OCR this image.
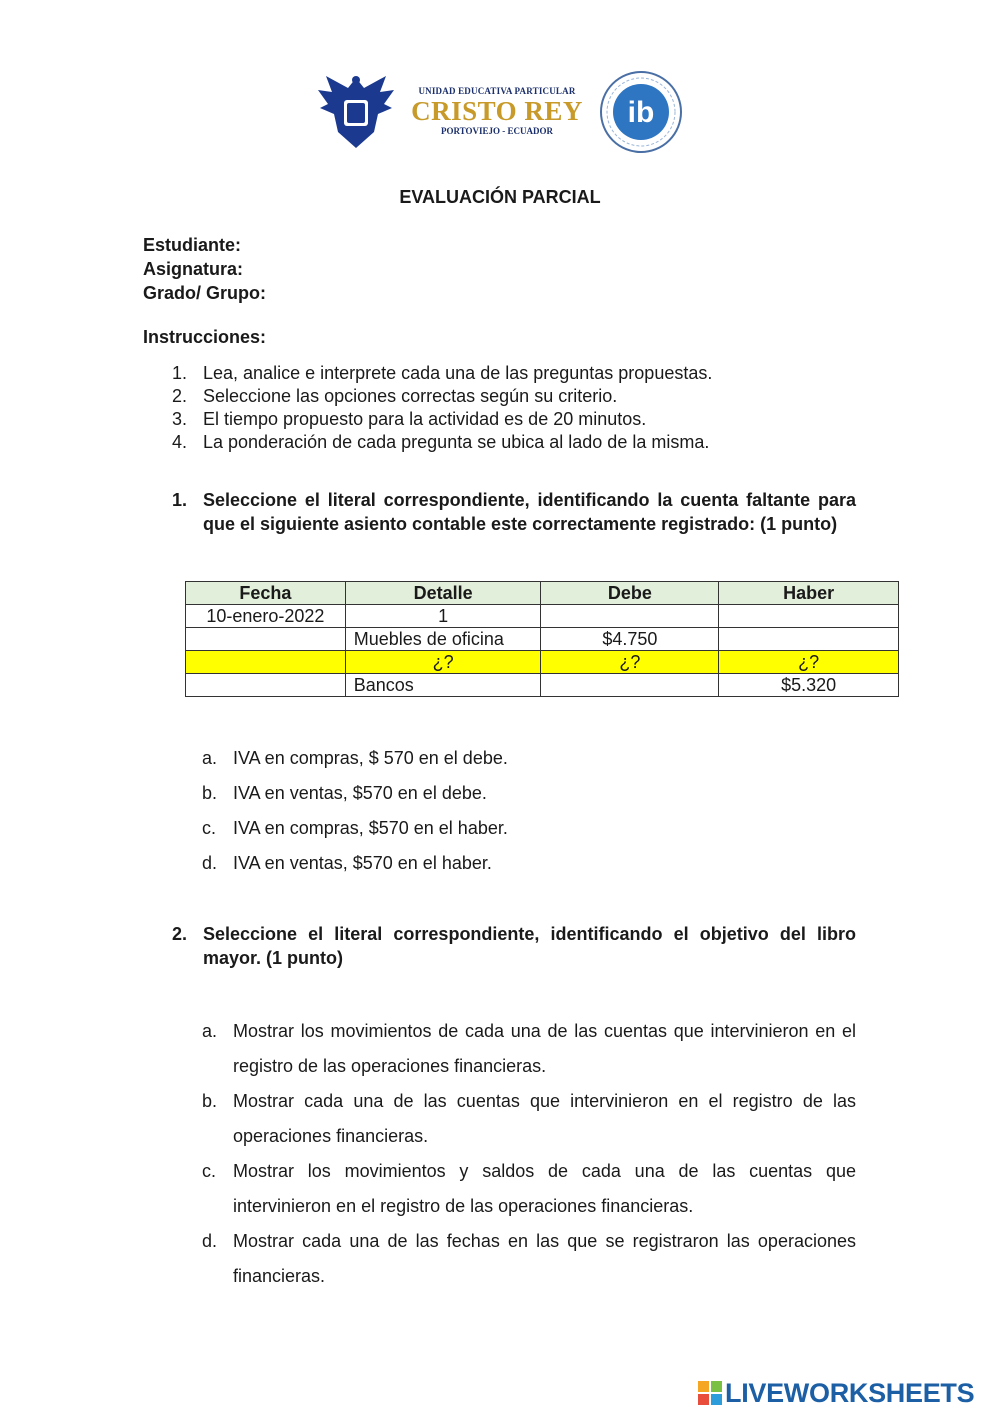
UNIDAD EDUCATIVA PARTICULAR
CRISTO REY
PORTOVIEJO - ECUADOR
ib
EVALUACIÓN PARCIAL
Estudiante:
Asignatura:
Grado/ Grupo:
Instrucciones:
1. Lea, analice e interprete cada una de las preguntas propuestas.
2. Seleccione las opciones correctas según su criterio.
3. El tiempo propuesto para la actividad es de 20 minutos.
4. La ponderación de cada pregunta se ubica al lado de la misma.
1. Seleccione el literal correspondiente, identificando la cuenta faltante para que el siguiente asiento contable este correctamente registrado: (1 punto)
Fecha	Detalle	Debe	Haber
10-enero-2022	1		
	Muebles de oficina	$4.750	
	¿?	¿?	¿?
	Bancos		$5.320
a. IVA en compras, $ 570 en el debe.
b. IVA en ventas, $570 en el debe.
c. IVA en compras, $570 en el haber.
d. IVA en ventas, $570 en el haber.
2. Seleccione el literal correspondiente, identificando el objetivo del libro mayor. (1 punto)
a. Mostrar los movimientos de cada una de las cuentas que intervinieron en el registro de las operaciones financieras.
b. Mostrar cada una de las cuentas que intervinieron en el registro de las operaciones financieras.
c. Mostrar los movimientos y saldos de cada una de las cuentas que intervinieron en el registro de las operaciones financieras.
d. Mostrar cada una de las fechas en las que se registraron las operaciones financieras.
LIVEWORKSHEETS
